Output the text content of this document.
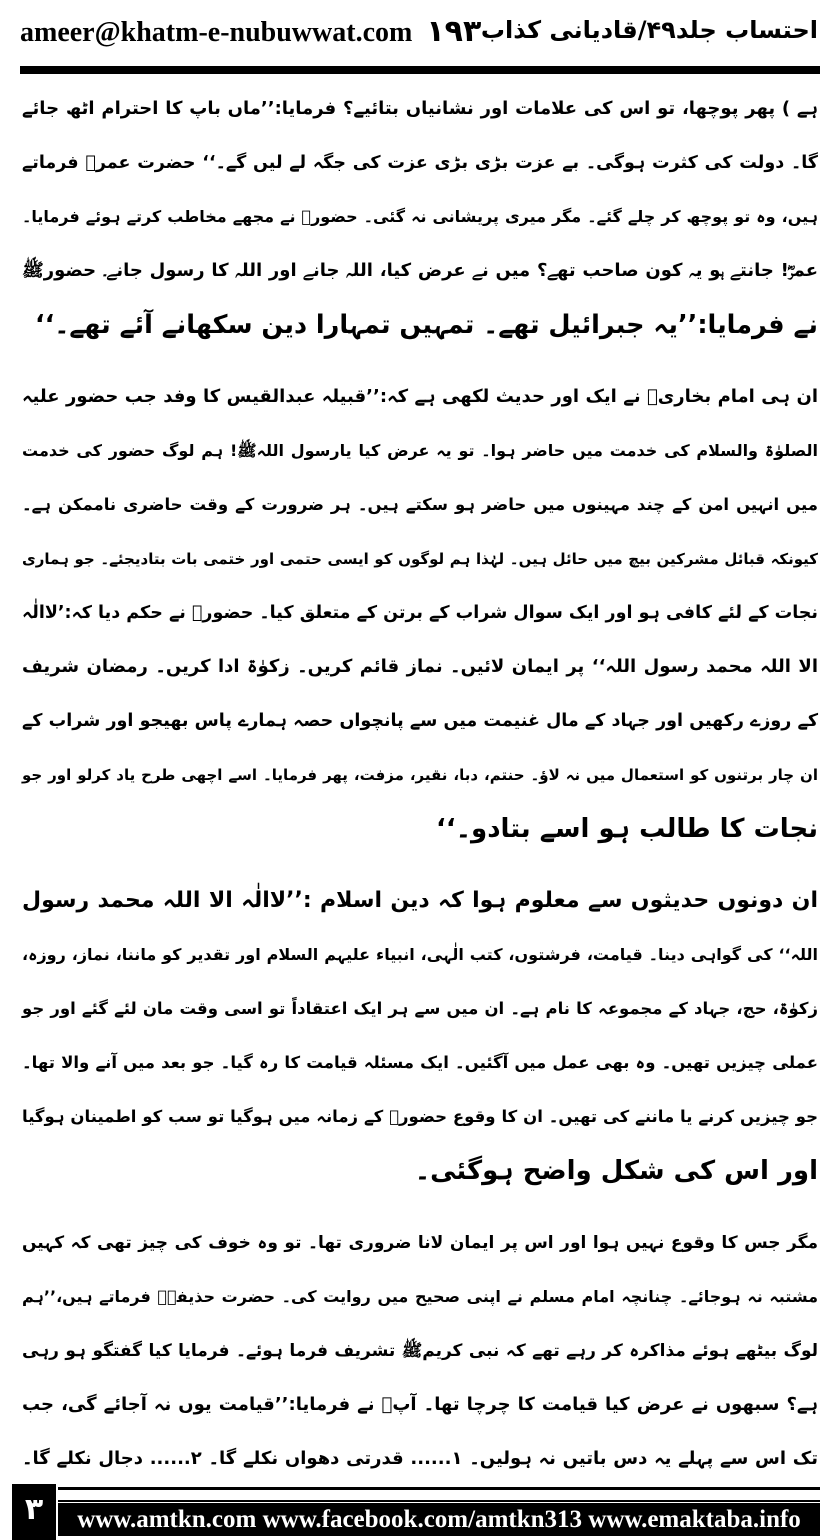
ameer@khatm-e-nubuwwat.com ۱۹۳ احتساب جلد۴۹/قادیانی کذاب
ہے ) پھر پوچھا، تو اس کی علامات اور نشانیاں بتائیے؟ فرمایا:’’ماں باپ کا احترام اٹھ جائے
گا۔ دولت کی کثرت ہوگی۔ بے عزت بڑی بڑی عزت کی جگہ لے لیں گے۔‘‘ حضرت عمرؓ فرماتے
ہیں، وہ تو پوچھ کر چلے گئے۔ مگر میری پریشانی نہ گئی۔ حضورؐ نے مجھے مخاطب کرتے ہوئے فرمایا۔
عمرؓ! جانتے ہو یہ کون صاحب تھے؟ میں نے عرض کیا، اللہ جانے اور اللہ کا رسول جانے۔ حضورﷺ
نے فرمایا:’’یہ جبرائیل تھے۔ تمہیں تمہارا دین سکھانے آئے تھے۔‘‘
ان ہی امام بخاریؒ نے ایک اور حدیث لکھی ہے کہ:’’قبیلہ عبدالقیس کا وفد جب حضور علیہ
الصلوٰۃ والسلام کی خدمت میں حاضر ہوا۔ تو یہ عرض کیا یارسول اللہﷺ! ہم لوگ حضور کی خدمت
میں انہیں امن کے چند مہینوں میں حاضر ہو سکتے ہیں۔ ہر ضرورت کے وقت حاضری ناممکن ہے۔
کیونکہ قبائل مشرکین بیچ میں حائل ہیں۔ لہٰذا ہم لوگوں کو ایسی حتمی اور ختمی بات بتادیجئے۔ جو ہماری
نجات کے لئے کافی ہو اور ایک سوال شراب کے برتن کے متعلق کیا۔ حضورؐ نے حکم دیا کہ:’لاالٰہ
الا اللہ محمد رسول اللہ‘‘ پر ایمان لائیں۔ نماز قائم کریں۔ زکوٰۃ ادا کریں۔ رمضان شریف
کے روزے رکھیں اور جہاد کے مال غنیمت میں سے پانچواں حصہ ہمارے پاس بھیجو اور شراب کے
ان چار برتنوں کو استعمال میں نہ لاؤ۔ حنتم، دبا، نقیر، مزفت، پھر فرمایا۔ اسے اچھی طرح یاد کرلو اور جو
نجات کا طالب ہو اسے بتادو۔‘‘
ان دونوں حدیثوں سے معلوم ہوا کہ دین اسلام :’’لاالٰہ الا اللہ محمد رسول
اللہ‘‘ کی گواہی دینا۔ قیامت، فرشتوں، کتب الٰہی، انبیاء علیہم السلام اور تقدیر کو ماننا، نماز، روزہ،
زکوٰۃ، حج، جہاد کے مجموعہ کا نام ہے۔ ان میں سے ہر ایک اعتقاداً تو اسی وقت مان لئے گئے اور جو
عملی چیزیں تھیں۔ وہ بھی عمل میں آگئیں۔ ایک مسئلہ قیامت کا رہ گیا۔ جو بعد میں آنے والا تھا۔
جو چیزیں کرنے یا ماننے کی تھیں۔ ان کا وقوع حضورؐ کے زمانہ میں ہوگیا تو سب کو اطمینان ہوگیا
اور اس کی شکل واضح ہوگئی۔
مگر جس کا وقوع نہیں ہوا اور اس پر ایمان لانا ضروری تھا۔ تو وہ خوف کی چیز تھی کہ کہیں
مشتبہ نہ ہوجائے۔ چنانچہ امام مسلم نے اپنی صحیح میں روایت کی۔ حضرت حذیفہؓ فرماتے ہیں،’’ہم
لوگ بیٹھے ہوئے مذاکرہ کر رہے تھے کہ نبی کریمﷺ تشریف فرما ہوئے۔ فرمایا کیا گفتگو ہو رہی
ہے؟ سبھوں نے عرض کیا قیامت کا چرچا تھا۔ آپؐ نے فرمایا:’’قیامت یوں نہ آجائے گی، جب
تک اس سے پہلے یہ دس باتیں نہ ہولیں۔ ۱...... قدرتی دھواں نکلے گا۔ ۲...... دجال نکلے گا۔
۳	www.amtkn.com www.facebook.com/amtkn313 www.emaktaba.info
